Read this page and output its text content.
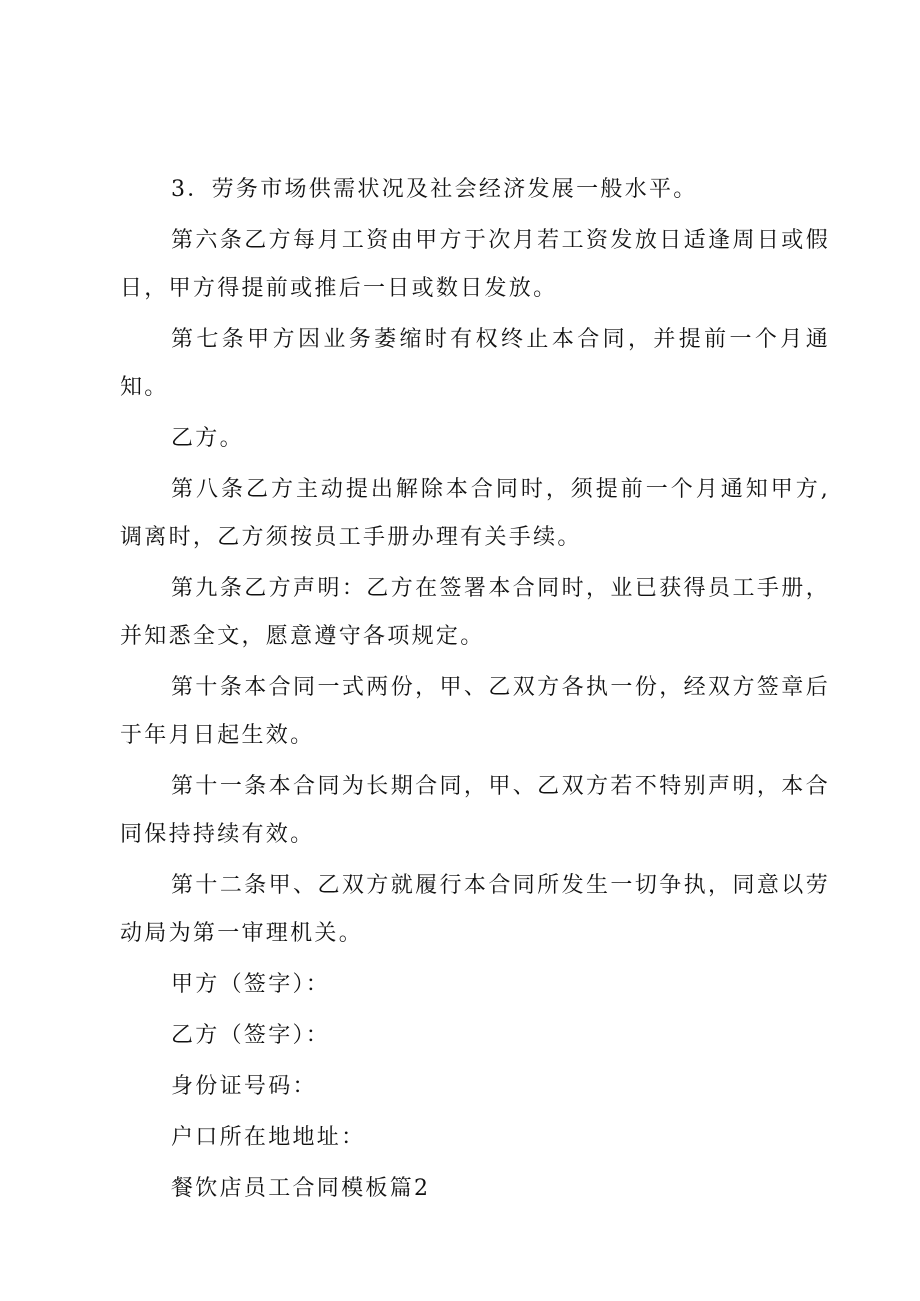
3．劳务市场供需状况及社会经济发展一般水平。

第六条乙方每月工资由甲方于次月若工资发放日适逢周日或假日，甲方得提前或推后一日或数日发放。

第七条甲方因业务萎缩时有权终止本合同，并提前一个月通知。

乙方。

第八条乙方主动提出解除本合同时，须提前一个月通知甲方,调离时，乙方须按员工手册办理有关手续。

第九条乙方声明：乙方在签署本合同时，业已获得员工手册，并知悉全文，愿意遵守各项规定。

第十条本合同一式两份，甲、乙双方各执一份，经双方签章后于年月日起生效。

第十一条本合同为长期合同，甲、乙双方若不特别声明，本合同保持持续有效。

第十二条甲、乙双方就履行本合同所发生一切争执，同意以劳动局为第一审理机关。

甲方（签字）：

乙方（签字）：

身份证号码：

户口所在地地址：

餐饮店员工合同模板篇2
